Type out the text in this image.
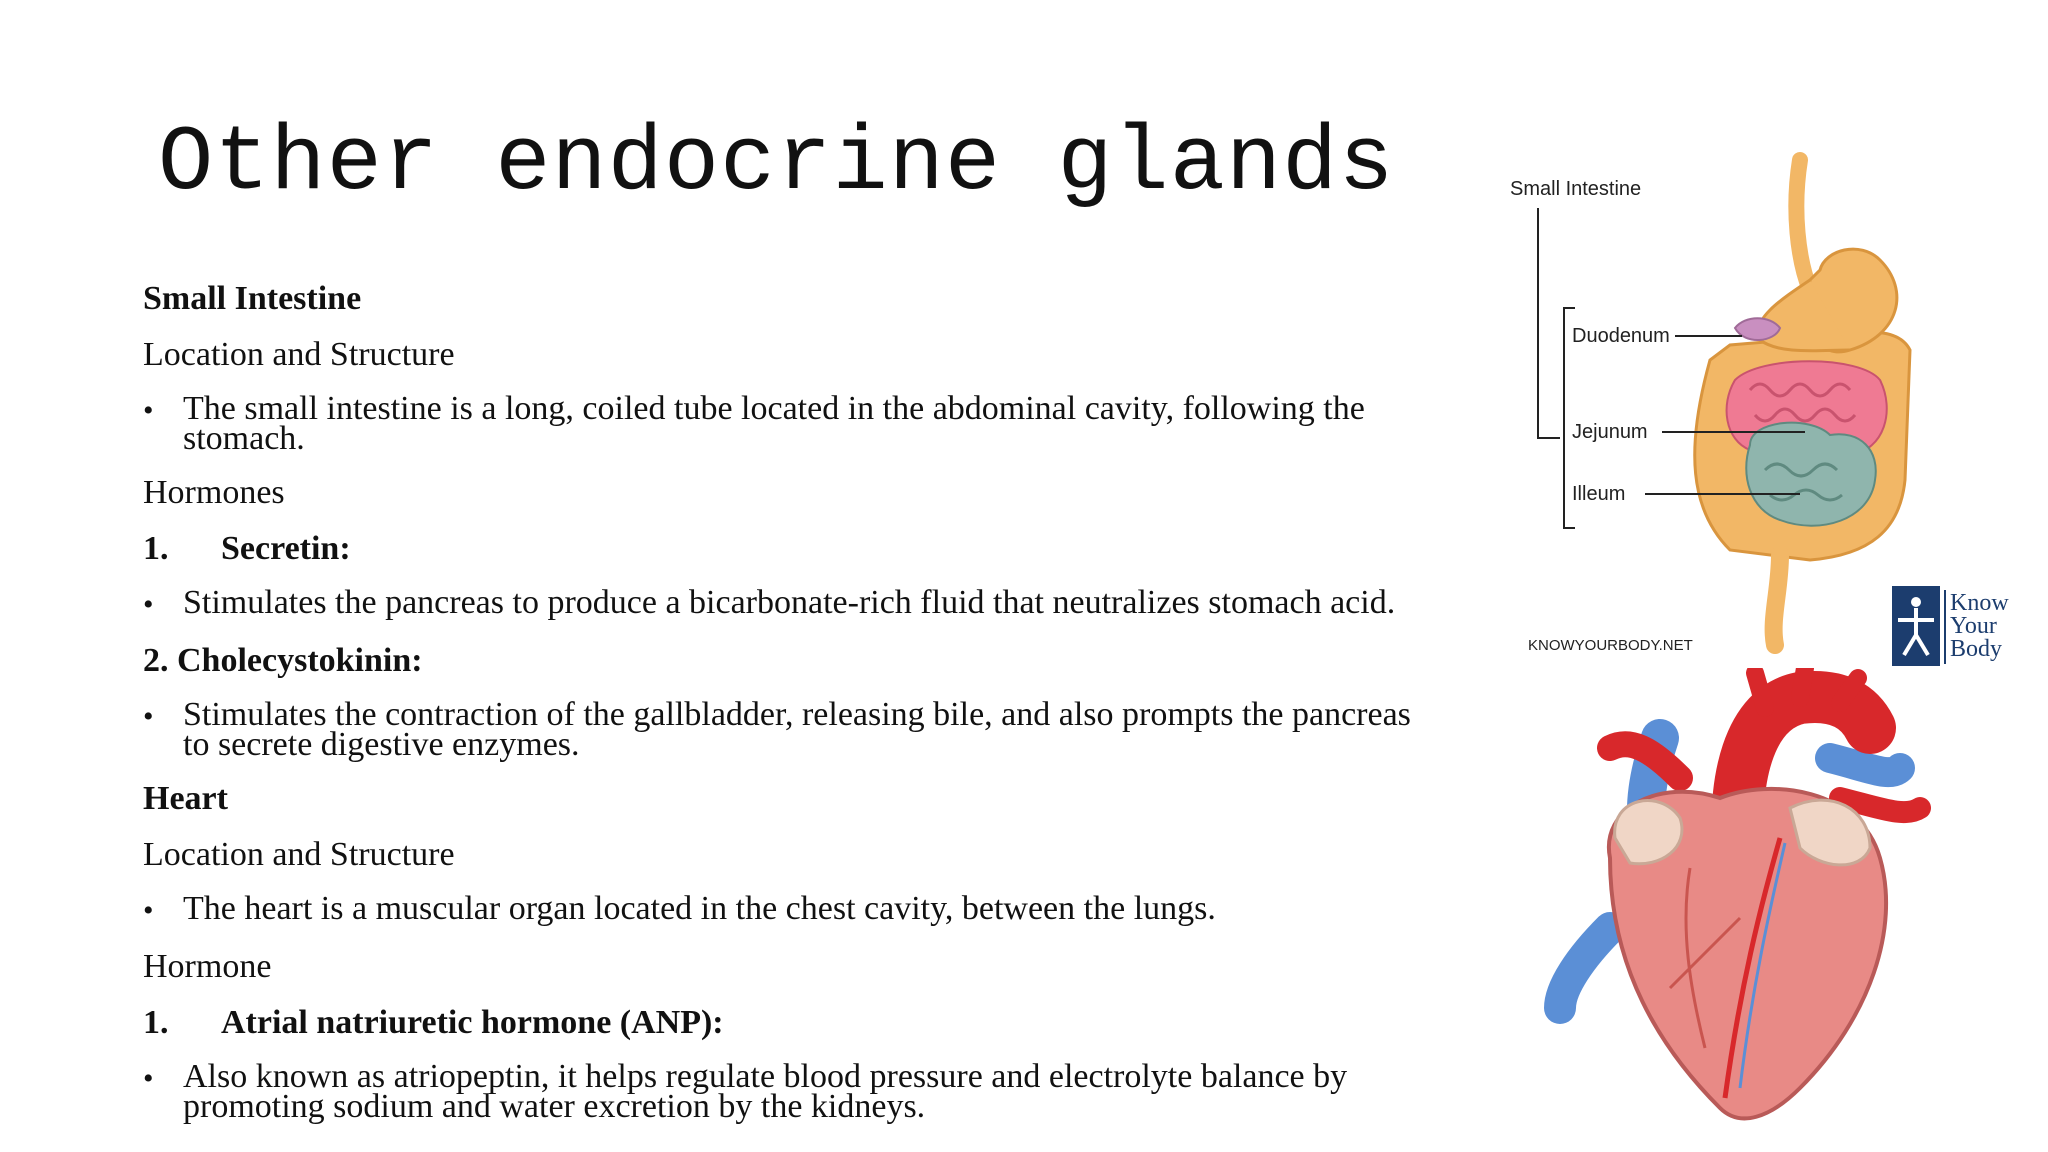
Other endocrine glands
Small Intestine
Location and Structure
• The small intestine is a long, coiled tube located in the abdominal cavity, following the stomach.
Hormones
1.	Secretin:
• Stimulates the pancreas to produce a bicarbonate-rich fluid that neutralizes stomach acid.
2. Cholecystokinin:
• Stimulates the contraction of the gallbladder, releasing bile, and also prompts the pancreas to secrete digestive enzymes.
Heart
Location and Structure
• The heart is a muscular organ located in the chest cavity, between the lungs.
Hormone
1.	Atrial natriuretic hormone (ANP):
• Also known as atriopeptin, it helps regulate blood pressure and electrolyte balance by promoting sodium and water excretion by the kidneys.
Small Intestine
Duodenum
Jejunum
Illeum
KNOWYOURBODY.NET
Know
Your
Body
